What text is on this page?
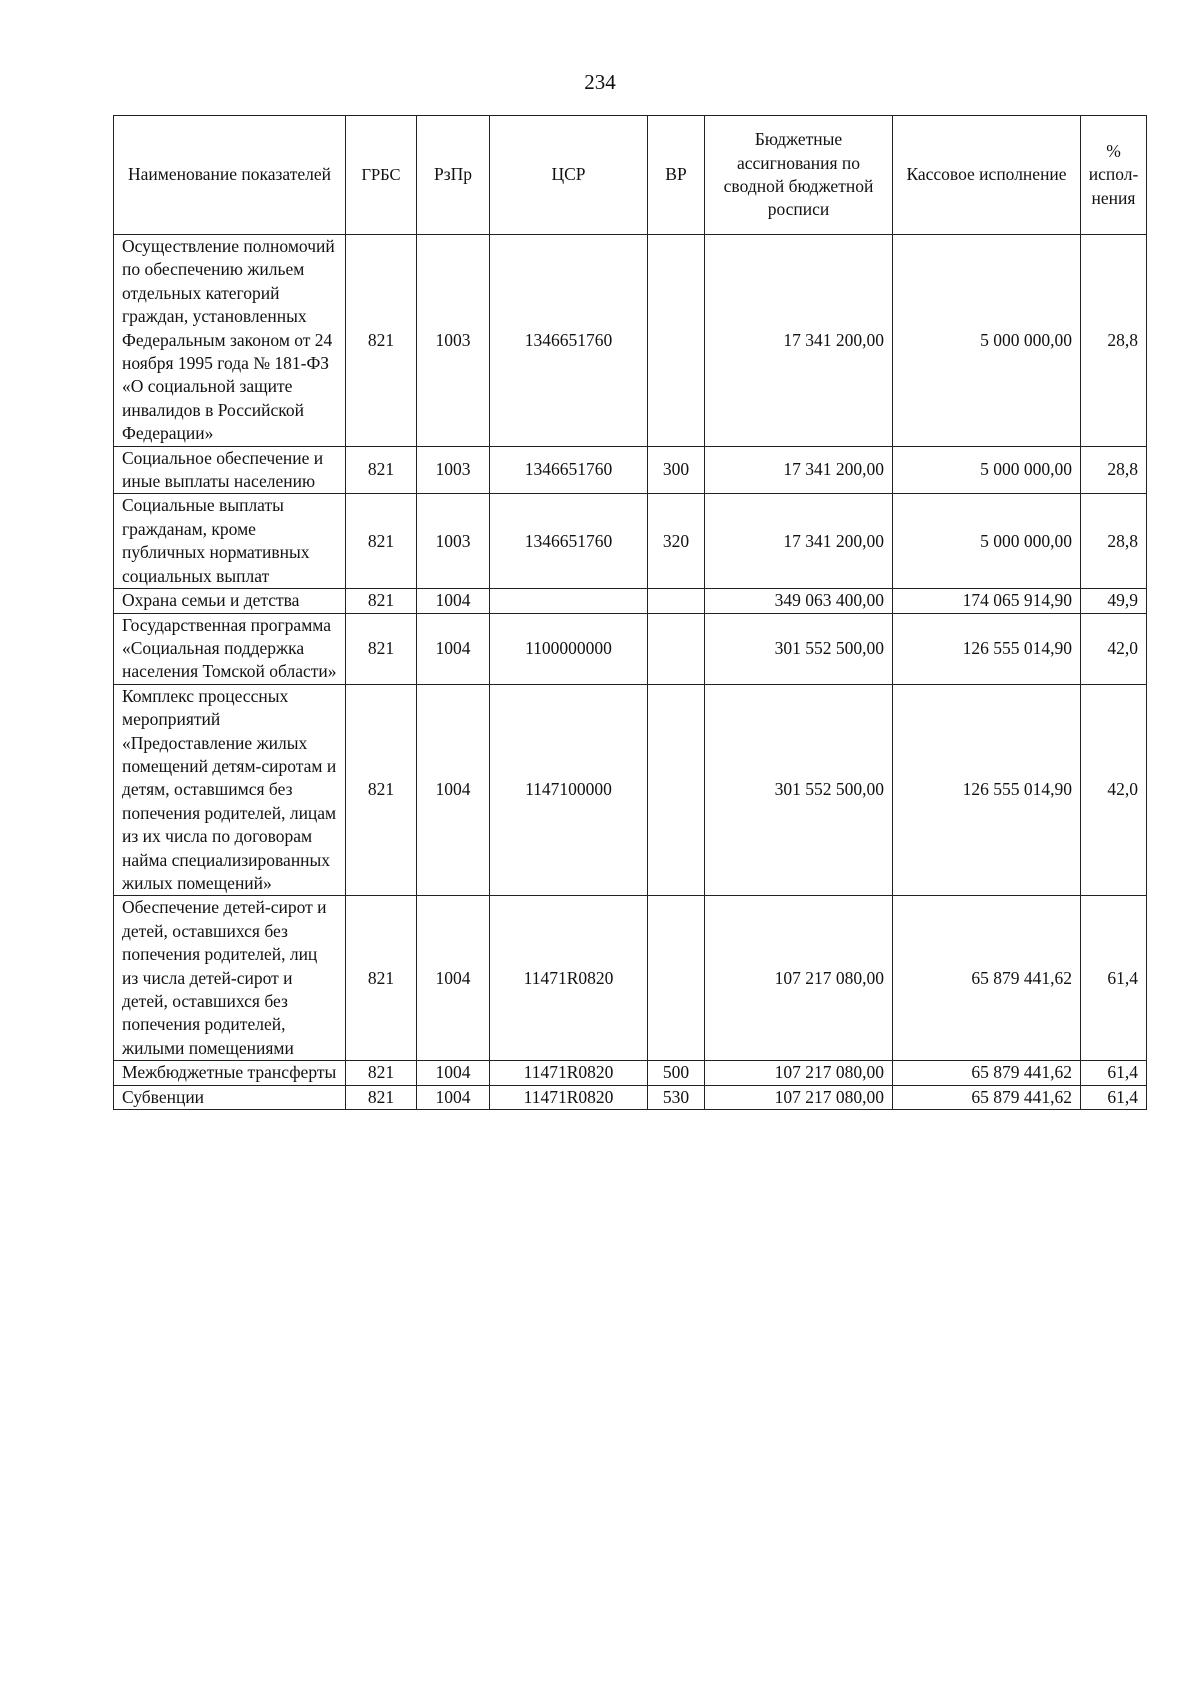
234
Наименование показателей	ГРБС	РзПр	ЦСР	ВР	Бюджетные ассигнования по сводной бюджетной росписи	Кассовое исполнение	% испол-нения
Осуществление полномочий по обеспечению жильем отдельных категорий граждан, установленных Федеральным законом от 24 ноября 1995 года № 181-ФЗ «О социальной защите инвалидов в Российской Федерации»	821	1003	1346651760		17 341 200,00	5 000 000,00	28,8
Социальное обеспечение и иные выплаты населению	821	1003	1346651760	300	17 341 200,00	5 000 000,00	28,8
Социальные выплаты гражданам, кроме публичных нормативных социальных выплат	821	1003	1346651760	320	17 341 200,00	5 000 000,00	28,8
Охрана семьи и детства	821	1004			349 063 400,00	174 065 914,90	49,9
Государственная программа «Социальная поддержка населения Томской области»	821	1004	1100000000		301 552 500,00	126 555 014,90	42,0
Комплекс процессных мероприятий «Предоставление жилых помещений детям-сиротам и детям, оставшимся без попечения родителей, лицам из их числа по договорам найма специализированных жилых помещений»	821	1004	1147100000		301 552 500,00	126 555 014,90	42,0
Обеспечение детей-сирот и детей, оставшихся без попечения родителей, лиц из числа детей-сирот и детей, оставшихся без попечения родителей, жилыми помещениями	821	1004	11471R0820		107 217 080,00	65 879 441,62	61,4
Межбюджетные трансферты	821	1004	11471R0820	500	107 217 080,00	65 879 441,62	61,4
Субвенции	821	1004	11471R0820	530	107 217 080,00	65 879 441,62	61,4
